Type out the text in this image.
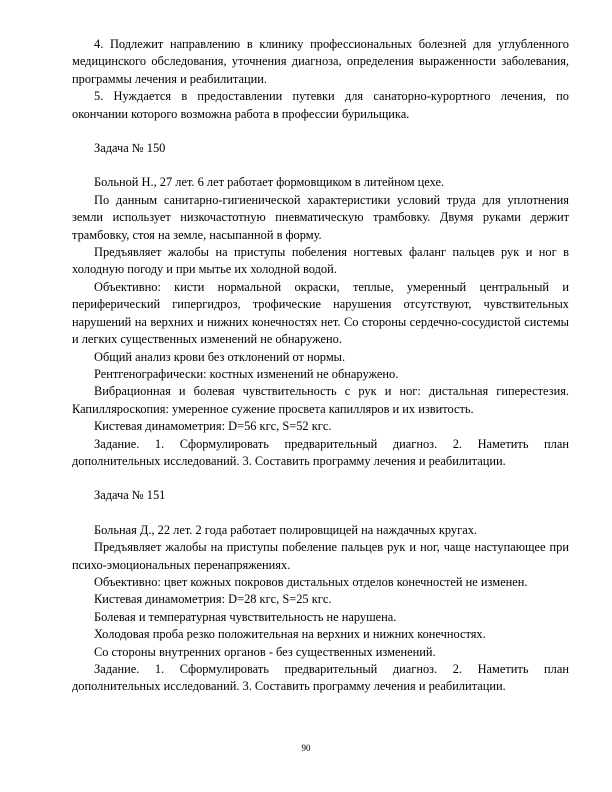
4. Подлежит направлению в клинику профессиональных болезней для углубленного медицинского обследования, уточнения диагноза, определения выраженности заболевания, программы лечения и реабилитации.

5. Нуждается в предоставлении путевки для санаторно-курортного лечения, по окончании которого возможна работа в профессии бурильщика.

Задача № 150

Больной Н., 27 лет. 6 лет работает формовщиком в литейном цехе.

По данным санитарно-гигиенической характеристики условий труда для уплотнения земли использует низкочастотную пневматическую трамбовку. Двумя руками держит трамбовку, стоя на земле, насыпанной в форму.

Предъявляет жалобы на приступы побеления ногтевых фаланг пальцев рук и ног в холодную погоду и при мытье их холодной водой.

Объективно: кисти нормальной окраски, теплые, умеренный центральный и периферический гипергидроз, трофические нарушения отсутствуют, чувствительных нарушений на верхних и нижних конечностях нет. Со стороны сердечно-сосудистой системы и легких существенных изменений не обнаружено.

Общий анализ крови без отклонений от нормы.

Рентгенографически: костных изменений не обнаружено.

Вибрационная и болевая чувствительность с рук и ног: дистальная гиперестезия. Капилляроскопия: умеренное сужение просвета капилляров и их извитость.

Кистевая динамометрия: D=56 кгс, S=52 кгс.

Задание. 1. Сформулировать предварительный диагноз. 2. Наметить план дополнительных исследований. 3. Составить программу лечения и реабилитации.

Задача № 151

Больная Д., 22 лет. 2 года работает полировщицей на наждачных кругах.

Предъявляет жалобы на приступы побеление пальцев рук и ног, чаще наступающее при психо-эмоциональных перенапряжениях.

Объективно: цвет кожных покровов дистальных отделов конечностей не изменен.

Кистевая динамометрия: D=28 кгс, S=25 кгс.

Болевая и температурная чувствительность не нарушена.

Холодовая проба резко положительная на верхних и нижних конечностях.

Со стороны внутренних органов - без существенных изменений.

Задание. 1. Сформулировать предварительный диагноз. 2. Наметить план дополнительных исследований. 3. Составить программу лечения и реабилитации.

90
